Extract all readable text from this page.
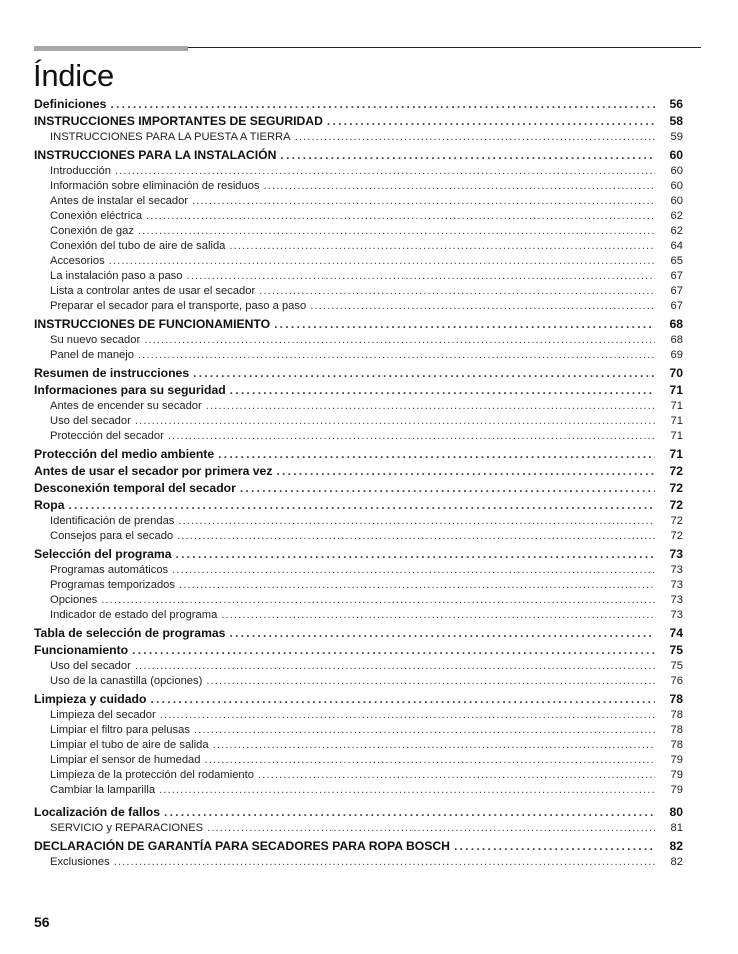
Índice
Definiciones .....	56
INSTRUCCIONES IMPORTANTES DE SEGURIDAD .....	58
INSTRUCCIONES PARA LA PUESTA A TIERRA .....	59
INSTRUCCIONES PARA LA INSTALACIÓN .....	60
Introducción .....	60
Información sobre eliminación de residuos .....	60
Antes de instalar el secador .....	60
Conexión eléctrica .....	62
Conexión de gaz .....	62
Conexión del tubo de aire de salida .....	64
Accesorios .....	65
La instalación paso a paso .....	67
Lista a controlar antes de usar el secador .....	67
Preparar el secador para el transporte, paso a paso .....	67
INSTRUCCIONES DE FUNCIONAMIENTO .....	68
Su nuevo secador .....	68
Panel de manejo .....	69
Resumen de instrucciones .....	70
Informaciones para su seguridad .....	71
Antes de encender su secador .....	71
Uso del secador .....	71
Protección del secador .....	71
Protección del medio ambiente .....	71
Antes de usar el secador por primera vez .....	72
Desconexión temporal del secador .....	72
Ropa .....	72
Identificación de prendas .....	72
Consejos para el secado .....	72
Selección del programa .....	73
Programas automáticos .....	73
Programas temporizados .....	73
Opciones .....	73
Indicador de estado del programa .....	73
Tabla de selección de programas .....	74
Funcionamiento .....	75
Uso del secador .....	75
Uso de la canastilla (opciones) .....	76
Limpieza y cuidado .....	78
Limpieza del secador .....	78
Limpiar el filtro para pelusas .....	78
Limpiar el tubo de aire de salida .....	78
Limpiar el sensor de humedad .....	79
Limpieza de la protección del rodamiento .....	79
Cambiar la lamparilla .....	79
Localización de fallos .....	80
SERVICIO y REPARACIONES .....	81
DECLARACIÓN DE GARANTÍA PARA SECADORES PARA ROPA BOSCH .....	82
Exclusiones .....	82
56
